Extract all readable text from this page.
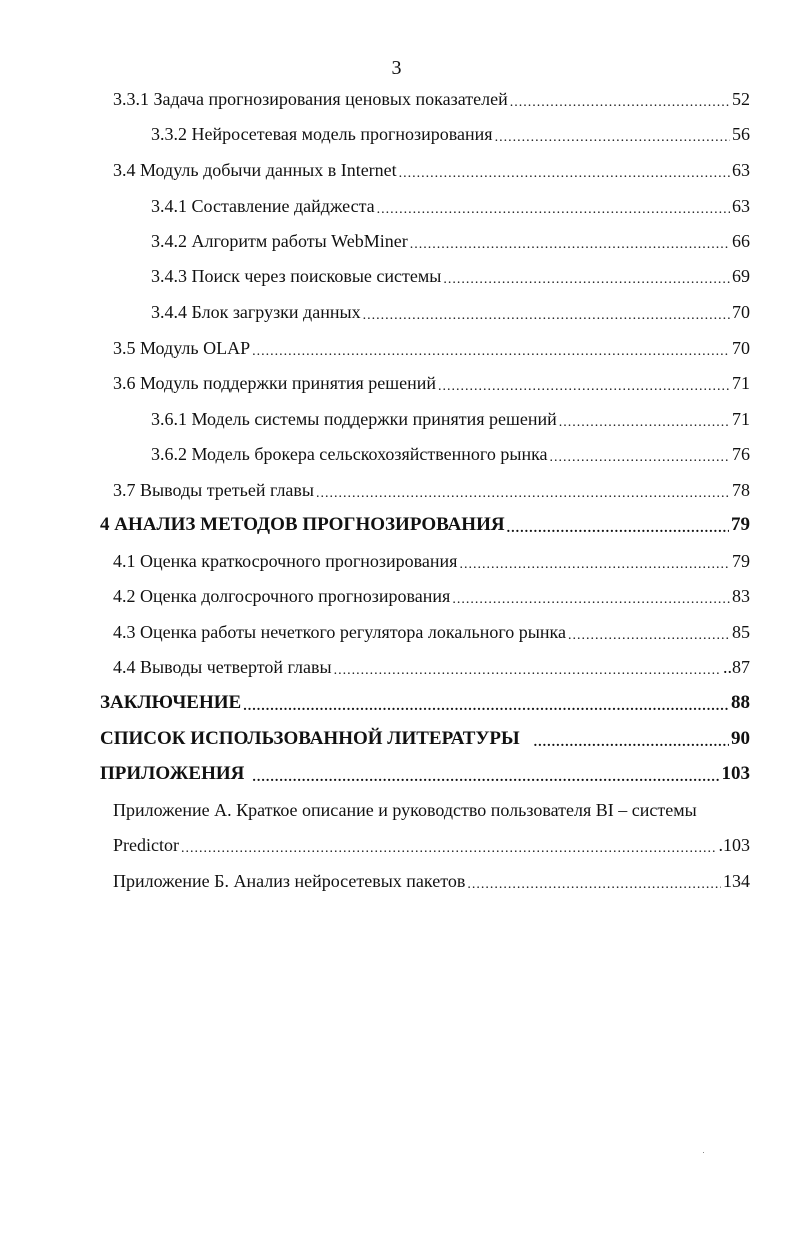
3
3.3.1 Задача прогнозирования ценовых показателей .....	52
3.3.2 Нейросетевая модель прогнозирования .....	56
3.4 Модуль добычи данных в Internet .....	63
3.4.1 Составление дайджеста .....	63
3.4.2 Алгоритм работы WebMiner .....	66
3.4.3 Поиск через поисковые системы .....	69
3.4.4 Блок загрузки данных .....	70
3.5 Модуль OLAP .....	70
3.6 Модуль поддержки принятия решений .....	71
3.6.1 Модель системы поддержки принятия решений .....	71
3.6.2 Модель брокера сельскохозяйственного рынка .....	76
3.7 Выводы третьей главы .....	78
4 АНАЛИЗ МЕТОДОВ ПРОГНОЗИРОВАНИЯ .....	79
4.1 Оценка краткосрочного прогнозирования .....	79
4.2 Оценка долгосрочного прогнозирования .....	83
4.3 Оценка работы нечеткого регулятора локального рынка .....	85
4.4 Выводы четвертой главы .....	..87
ЗАКЛЮЧЕНИЕ .....	88
СПИСОК ИСПОЛЬЗОВАННОЙ ЛИТЕРАТУРЫ .....	90
ПРИЛОЖЕНИЯ .....	103
Приложение А. Краткое описание и руководство пользователя BI – системы
Predictor .....	.103
Приложение Б. Анализ нейросетевых пакетов .....	134
